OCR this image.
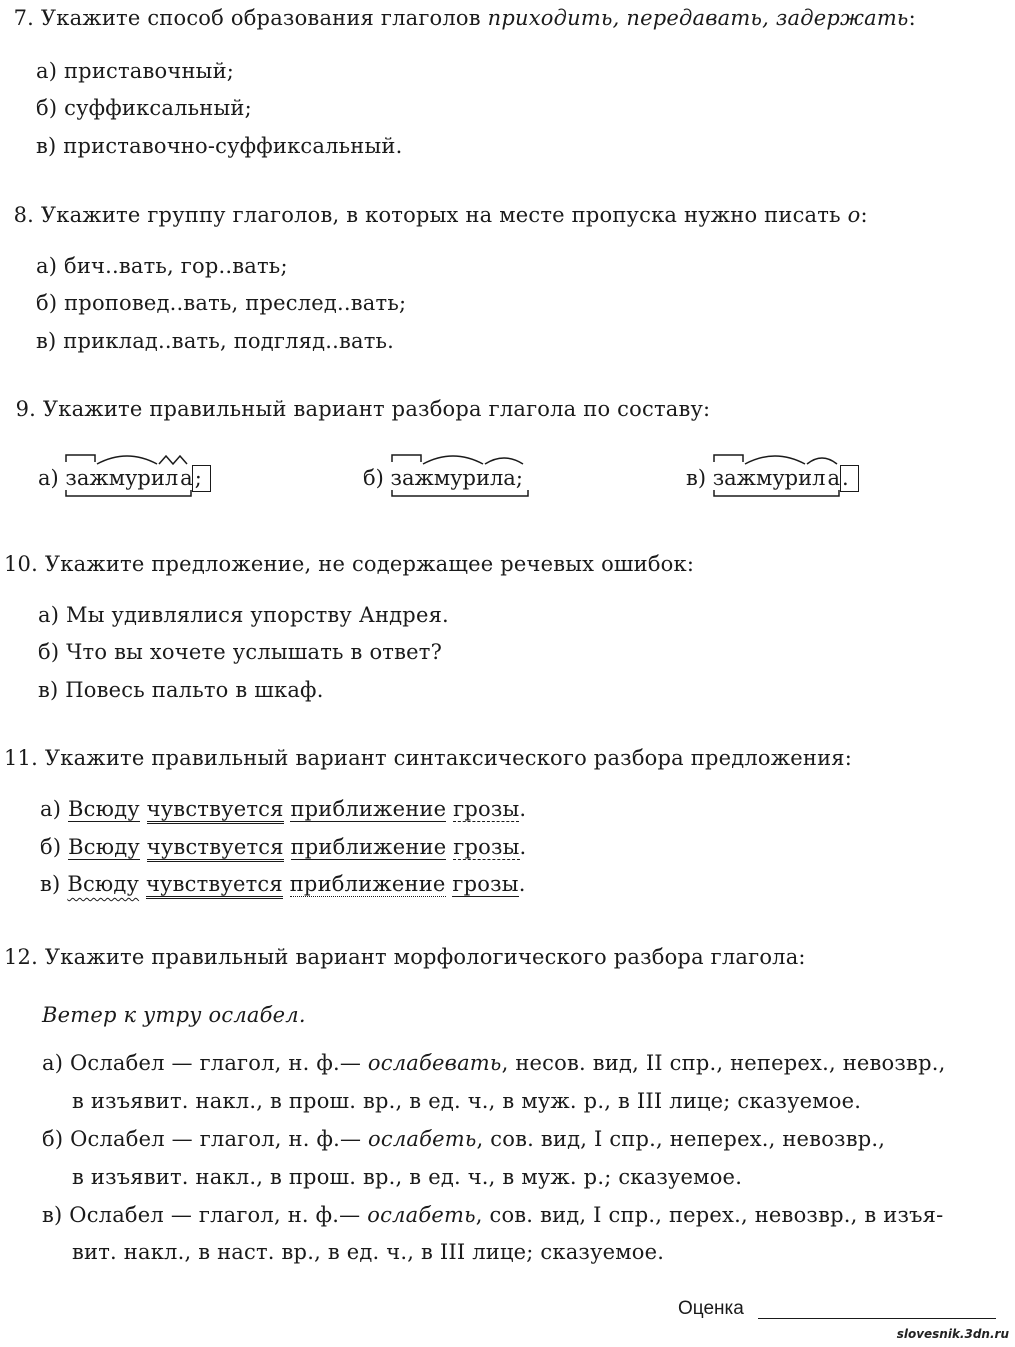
7. Укажите способ образования глаголов приходить, передавать, задержать:
а) приставочный;
б) суффиксальный;
в) приставочно-суффиксальный.
8. Укажите группу глаголов, в которых на месте пропуска нужно писать о:
а) бич..вать, гор..вать;
б) проповед..вать, преслед..вать;
в) приклад..вать, подгляд..вать.
9. Укажите правильный вариант разбора глагола по составу:
а) зажмурила
;	б) зажмурила
;	в) зажмурила
.
10. Укажите предложение, не содержащее речевых ошибок:
а) Мы удивлялися упорству Андрея.
б) Что вы хочете услышать в ответ?
в) Повесь пальто в шкаф.
11. Укажите правильный вариант синтаксического разбора предложения:
а) Всюду чувствуется приближение грозы.
б) Всюду чувствуется приближение грозы.
в) Всюду чувствуется приближение грозы.
12. Укажите правильный вариант морфологического разбора глагола:
Ветер к утру ослабел.
а) Ослабел — глагол, н. ф.— ослабевать, несов. вид, II спр., неперех., невозвр.,
в изъявит. накл., в прош. вр., в ед. ч., в муж. р., в III лице; сказуемое.
б) Ослабел — глагол, н. ф.— ослабеть, сов. вид, I спр., неперех., невозвр.,
в изъявит. накл., в прош. вр., в ед. ч., в муж. р.; сказуемое.
в) Ослабел — глагол, н. ф.— ослабеть, сов. вид, I спр., перех., невозвр., в изъя-
вит. накл., в наст. вр., в ед. ч., в III лице; сказуемое.
Оценка
slovesnik.3dn.ru
